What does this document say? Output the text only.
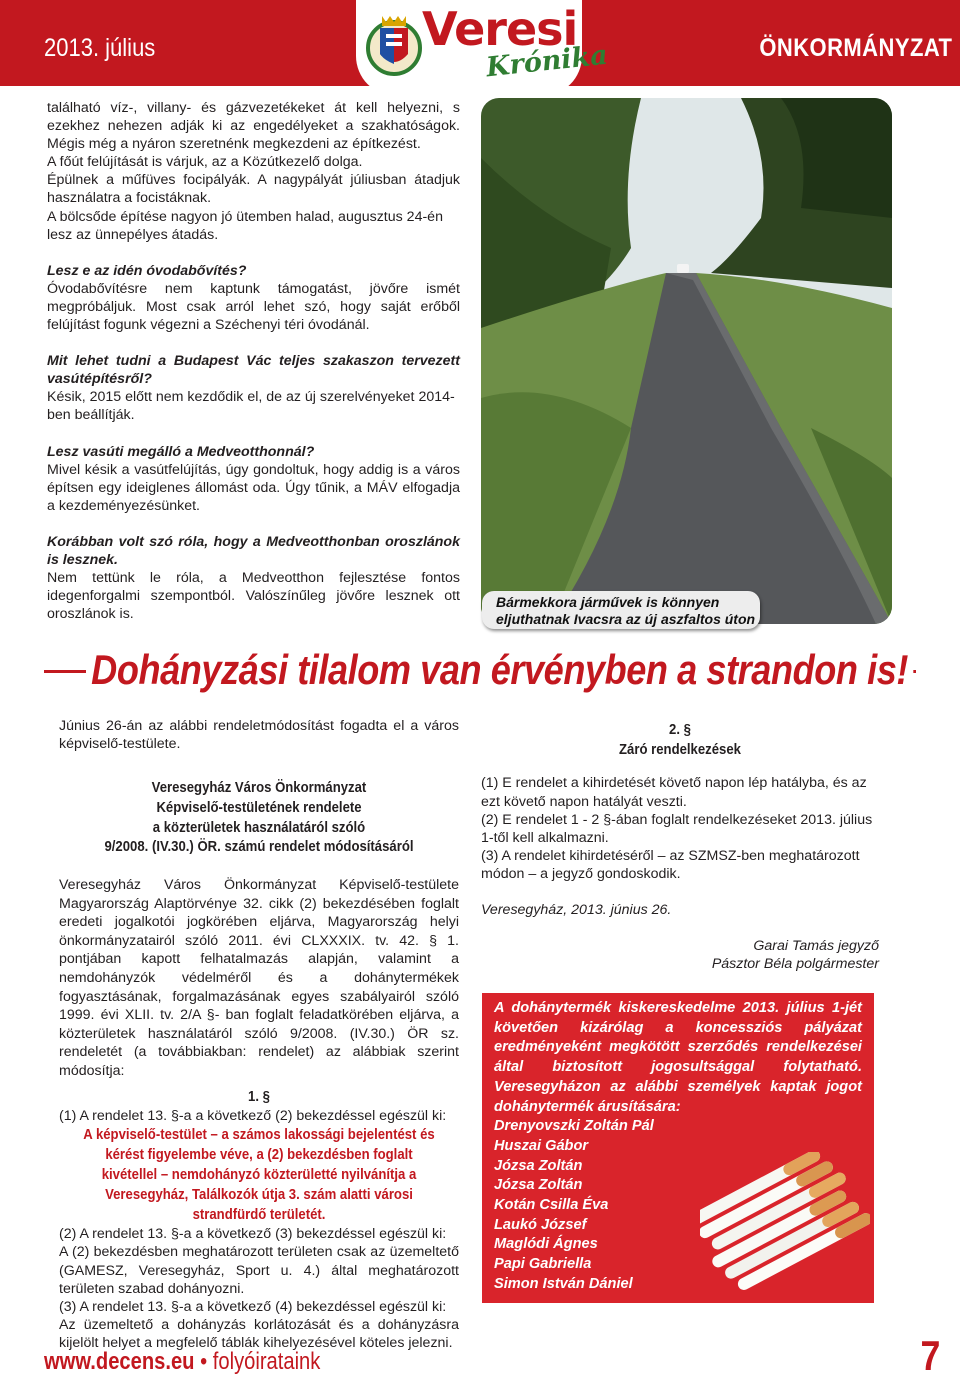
2013. július	ÖNKORMÁNYZAT
Veresi
Krónika

található víz-, villany- és gázvezetékeket át kell helyezni, s ezekhez nehezen adják ki az engedélyeket a szakhatóságok. Mégis még a nyáron szeretnénk megkezdeni az építkezést.

A főút felújítását is várjuk, az a Közútkezelő dolga.

Épülnek a műfüves focipályák. A nagypályát júliusban átadjuk használatra a focistáknak.

A bölcsőde építése nagyon jó ütemben halad, augusztus 24-én lesz az ünnepélyes átadás.

Lesz e az idén óvodabővítés?

Óvodabővítésre nem kaptunk támogatást, jövőre ismét megpróbáljuk. Most csak arról lehet szó, hogy saját erőből felújítást fogunk végezni a Széchenyi téri óvodánál.

Mit lehet tudni a Budapest Vác teljes szakaszon tervezett vasútépítésről?

Késik, 2015 előtt nem kezdődik el, de az új szerelvényeket 2014-ben beállítják.

Lesz vasúti megálló a Medveotthonnál?

Mivel késik a vasútfelújítás, úgy gondoltuk, hogy addig is a város építsen egy ideiglenes állomást oda. Úgy tűnik, a MÁV elfogadja a kezdeményezésünket.

Korábban volt szó róla, hogy a Medveotthonban oroszlánok is lesznek.

Nem tettünk le róla, a Medveotthon fejlesztése fontos idegenforgalmi szempontból. Valószínűleg jövőre lesznek ott oroszlánok is.

Bármekkora járművek is könnyen eljuthatnak Ivacsra az új aszfaltos úton
Dohányzási tilalom van érvényben a strandon is!

Június 26-án az alábbi rendeletmódosítást fogadta el a város képviselő-testülete.

Veresegyház Város Önkormányzat
Képviselő-testületének rendelete
a közterületek használatáról szóló
9/2008. (IV.30.) ÖR. számú rendelet módosításáról

Veresegyház Város Önkormányzat Képviselő-testülete Magyarország Alaptörvénye 32. cikk (2) bekezdésében foglalt eredeti jogalkotói jogkörében eljárva, Magyarország helyi önkormányzatairól szóló 2011. évi CLXXXIX. tv. 42. § 1. pontjában kapott felhatalmazás alapján, valamint a nemdohányzók védelméről és a dohánytermékek fogyasztásának, forgalmazásának egyes szabályairól szóló 1999. évi XLII. tv. 2/A §- ban foglalt feladatkörében eljárva, a közterületek használatáról szóló 9/2008. (IV.30.) ÖR sz. rendeletét (a továbbiakban: rendelet) az alábbiak szerint módosítja:

1. §

(1) A rendelet 13. §-a a következő (2) bekezdéssel egészül ki:

A képviselő-testület – a számos lakossági bejelentést és kérést figyelembe véve, a (2) bekezdésben foglalt kivétellel – nemdohányzó közterületté nyilvánítja a Veresegyház, Találkozók útja 3. szám alatti városi strandfürdő területét.

(2) A rendelet 13. §-a a következő (3) bekezdéssel egészül ki:

A (2) bekezdésben meghatározott területen csak az üzemeltető (GAMESZ, Veresegyház, Sport u. 4.) által meghatározott területen szabad dohányozni.

(3) A rendelet 13. §-a a következő (4) bekezdéssel egészül ki:

Az üzemeltető a dohányzás korlátozását és a dohányzásra kijelölt helyet a megfelelő táblák kihelyezésével köteles jelezni.

2. §
Záró rendelkezések

(1) E rendelet a kihirdetését követő napon lép hatályba, és az ezt követő napon hatályát veszti.

(2) E rendelet 1 - 2 §-ában foglalt rendelkezéseket 2013. július 1-től kell alkalmazni.

(3) A rendelet kihirdetéséről – az SZMSZ-ben meghatározott módon – a jegyző gondoskodik.

Veresegyház, 2013. június 26.

Garai Tamás jegyző

Pásztor Béla polgármester

A dohánytermék kiskereskedelme 2013. július 1-jét követően kizárólag a koncessziós pályázat eredményeként megkötött szerződés rendelkezései által biztosított jogosultsággal folytatható. Veresegyházon az alábbi személyek kaptak jogot dohánytermék árusítására:

Drenyovszki Zoltán Pál

Huszai Gábor

Józsa Zoltán

Józsa Zoltán

Kotán Csilla Éva

Laukó József

Maglódi Ágnes

Papi Gabriella

Simon István Dániel

www.decens.eu • folyóirataink	7
